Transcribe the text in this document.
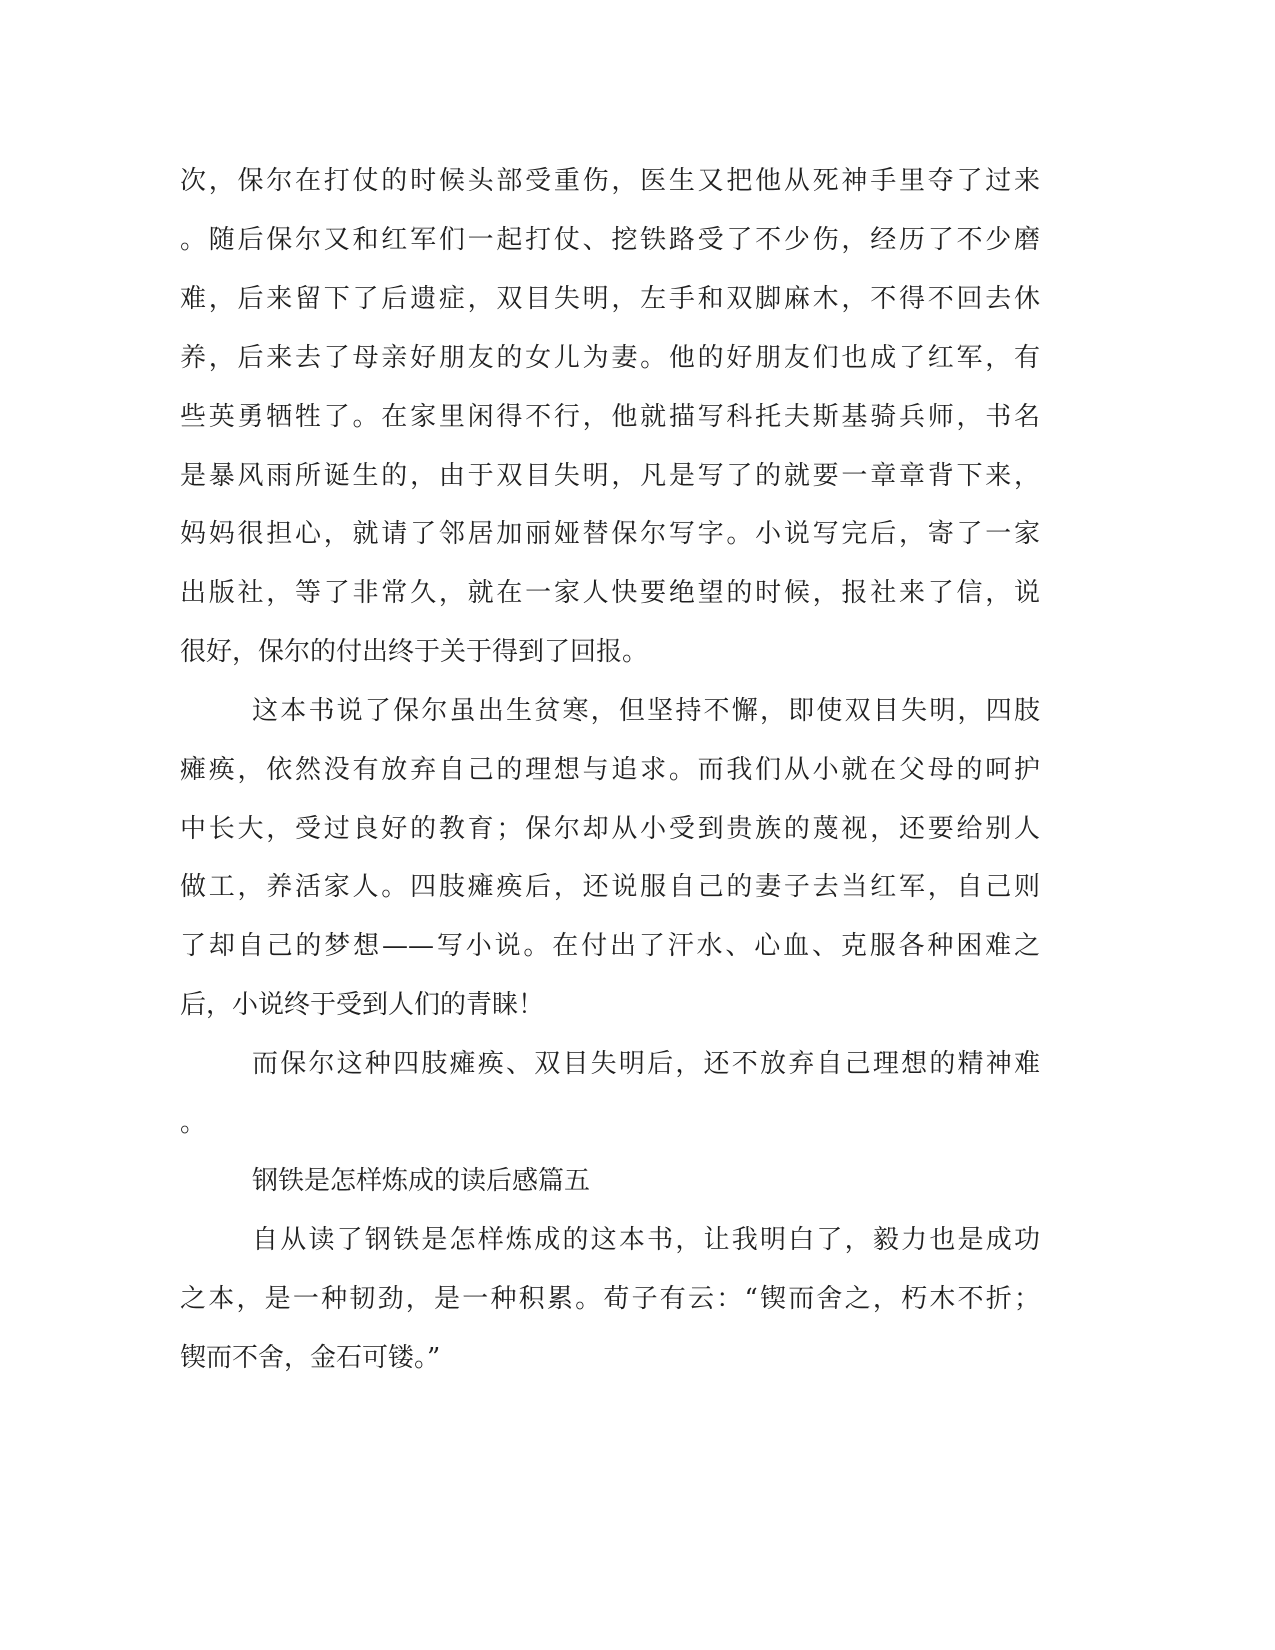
次，保尔在打仗的时候头部受重伤，医生又把他从死神手里夺了过来
。随后保尔又和红军们一起打仗、挖铁路受了不少伤，经历了不少磨
难，后来留下了后遗症，双目失明，左手和双脚麻木，不得不回去休
养，后来去了母亲好朋友的女儿为妻。他的好朋友们也成了红军，有
些英勇牺牲了。在家里闲得不行，他就描写科托夫斯基骑兵师，书名
是暴风雨所诞生的，由于双目失明，凡是写了的就要一章章背下来，
妈妈很担心，就请了邻居加丽娅替保尔写字。小说写完后，寄了一家
出版社，等了非常久，就在一家人快要绝望的时候，报社来了信，说
很好，保尔的付出终于关于得到了回报。
这本书说了保尔虽出生贫寒，但坚持不懈，即使双目失明，四肢
瘫痪，依然没有放弃自己的理想与追求。而我们从小就在父母的呵护
中长大，受过良好的教育；保尔却从小受到贵族的蔑视，还要给别人
做工，养活家人。四肢瘫痪后，还说服自己的妻子去当红军，自己则
了却自己的梦想——写小说。在付出了汗水、心血、克服各种困难之
后，小说终于受到人们的青睐！
而保尔这种四肢瘫痪、双目失明后，还不放弃自己理想的精神难
。
钢铁是怎样炼成的读后感篇五
自从读了钢铁是怎样炼成的这本书，让我明白了，毅力也是成功
之本，是一种韧劲，是一种积累。荀子有云：“锲而舍之，朽木不折；
锲而不舍，金石可镂。”
